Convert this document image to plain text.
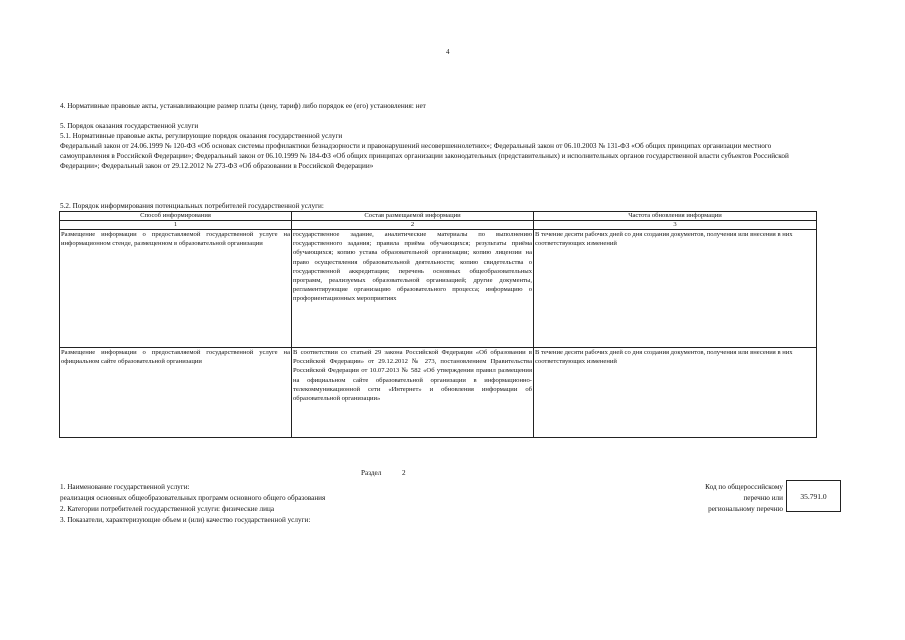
4
4. Нормативные правовые акты, устанавливающие размер платы (цену, тариф) либо порядок ее (его) установления: нет
5. Порядок оказания государственной услуги
5.1. Нормативные правовые акты, регулирующие порядок оказания государственной услуги
Федеральный закон от 24.06.1999 № 120-ФЗ «Об основах системы профилактики безнадзорности и правонарушений несовершеннолетних»; Федеральный закон от 06.10.2003 № 131-ФЗ «Об общих принципах организации местного самоуправления в Российской Федерации»; Федеральный закон от 06.10.1999 № 184-ФЗ «Об общих принципах организации законодательных (представительных) и исполнительных органов государственной власти субъектов Российской Федерации»; Федеральный закон от 29.12.2012 № 273-ФЗ «Об образовании в Российской Федерации»
5.2. Порядок информирования потенциальных потребителей государственной услуги:
Способ информирования	Состав размещаемой информации	Частота обновления информации
1	2	3
Размещение информации о предоставляемой государственной услуге на информационном стенде, размещенном в образовательной организации	государственное задание, аналитические материалы по выполнению государственного задания; правила приёма обучающихся; результаты приёма обучающихся; копию устава образовательной организации; копию лицензии на право осуществления образовательной деятельности; копию свидетельства о государственной аккредитации; перечень основных общеобразовательных программ, реализуемых образовательной организацией; другие документы, регламентирующие организацию образовательного процесса; информацию о профориентационных мероприятиях	В течение десяти рабочих дней со дня создания документов, получения или внесения в них соответствующих изменений
Размещение информации о предоставляемой государственной услуге на официальном сайте образовательной организации	В соответствии со статьей 29 закона Российской Федерации «Об образовании в Российской Федерации» от 29.12.2012 № 273, постановлением Правительства Российской Федерации от 10.07.2013 № 582 «Об утверждении правил размещения на официальном сайте образовательной организации в информационно-телекоммуникационной сети «Интернет» и обновления информации об образовательной организации»	В течение десяти рабочих дней со дня создания документов, получения или внесения в них соответствующих изменений
Раздел	2
1. Наименование государственной услуги:
реализация основных общеобразовательных программ основного общего образования
2. Категории потребителей государственной услуги: физические лица
3. Показатели, характеризующие объем и (или) качество государственной услуги:
Код по общероссийскому
перечню или
региональному перечню
35.791.0
